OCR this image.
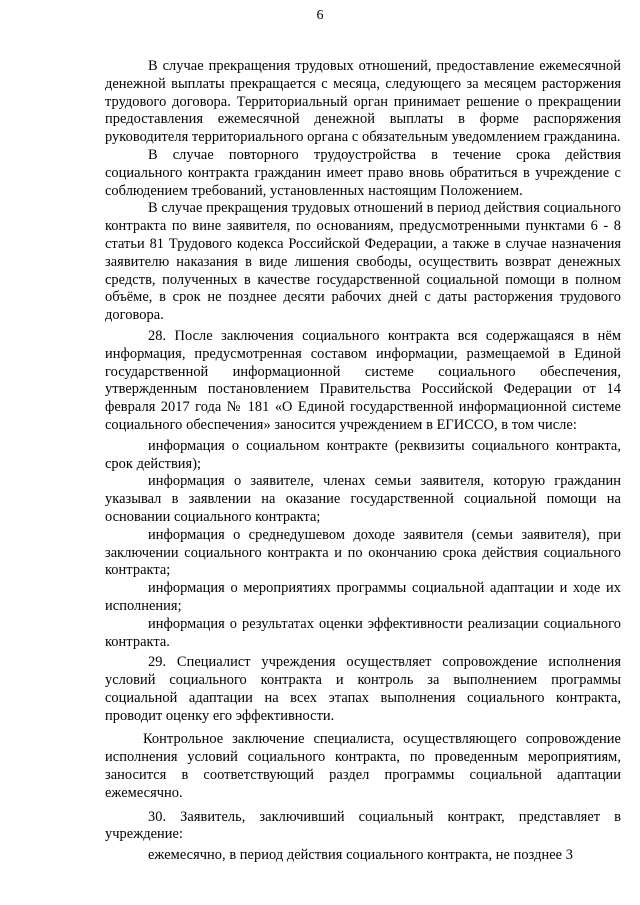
6

В случае прекращения трудовых отношений, предоставление ежемесячной денежной выплаты прекращается с месяца, следующего за месяцем расторжения трудового договора. Территориальный орган принимает решение о прекращении предоставления ежемесячной денежной выплаты в форме распоряжения руководителя территориального органа с обязательным уведомлением гражданина.

В случае повторного трудоустройства в течение срока действия социального контракта гражданин имеет право вновь обратиться в учреждение с соблюдением требований, установленных настоящим Положением.

В случае прекращения трудовых отношений в период действия социального контракта по вине заявителя, по основаниям, предусмотренными пунктами 6 - 8 статьи 81 Трудового кодекса Российской Федерации, а также в случае назначения заявителю наказания в виде лишения свободы, осуществить возврат денежных средств, полученных в качестве государственной социальной помощи в полном объёме, в срок не позднее десяти рабочих дней с даты расторжения трудового договора.

28. После заключения социального контракта вся содержащаяся в нём информация, предусмотренная составом информации, размещаемой в Единой государственной информационной системе социального обеспечения, утвержденным постановлением Правительства Российской Федерации от 14 февраля 2017 года № 181 «О Единой государственной информационной системе социального обеспечения» заносится учреждением в ЕГИССО, в том числе:

информация о социальном контракте (реквизиты социального контракта, срок действия);

информация о заявителе, членах семьи заявителя, которую гражданин указывал в заявлении на оказание государственной социальной помощи на основании социального контракта;

информация о среднедушевом доходе заявителя (семьи заявителя), при заключении социального контракта и по окончанию срока действия социального контракта;

информация о мероприятиях программы социальной адаптации и ходе их исполнения;

информация о результатах оценки эффективности реализации социального контракта.

29. Специалист учреждения осуществляет сопровождение исполнения условий социального контракта и контроль за выполнением программы социальной адаптации на всех этапах выполнения социального контракта, проводит оценку его эффективности.

Контрольное заключение специалиста, осуществляющего сопровождение исполнения условий социального контракта, по проведенным мероприятиям, заносится в соответствующий раздел программы социальной адаптации ежемесячно.

30. Заявитель, заключивший социальный контракт, представляет в учреждение:

ежемесячно, в период действия социального контракта, не позднее 3
